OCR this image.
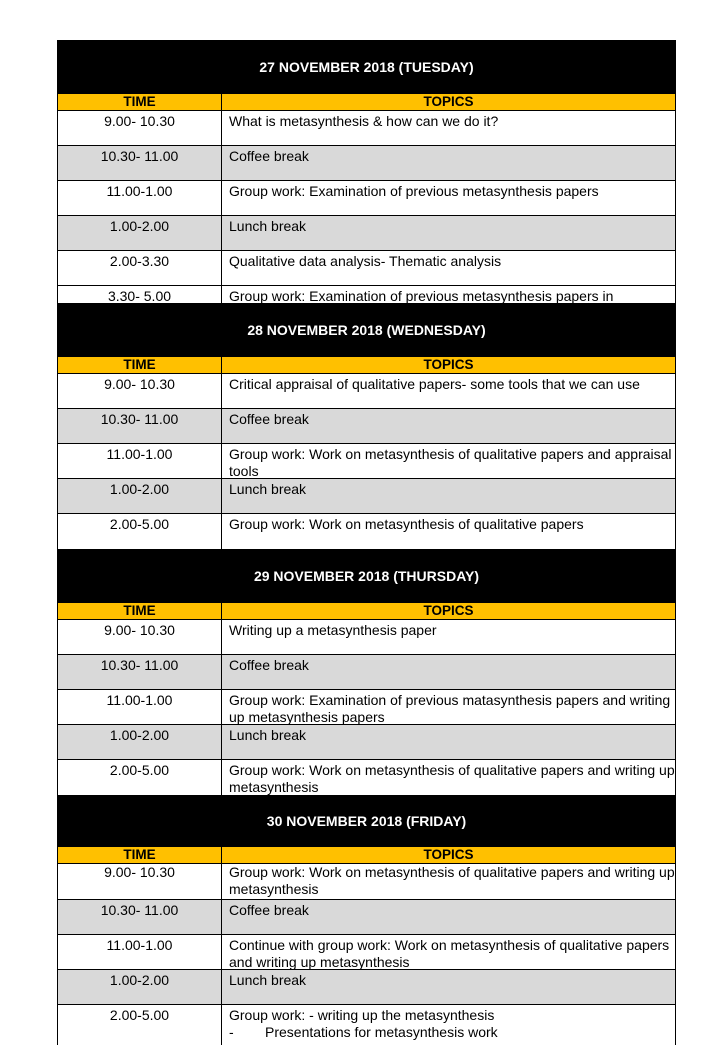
27 NOVEMBER 2018 (TUESDAY)
TIME	TOPICS
9.00- 10.30	What is metasynthesis & how can we do it?
10.30- 11.00	Coffee break
11.00-1.00	Group work: Examination of previous metasynthesis papers
1.00-2.00	Lunch break
2.00-3.30	Qualitative data analysis- Thematic analysis
3.30- 5.00	Group work: Examination of previous metasynthesis papers in
28 NOVEMBER 2018 (WEDNESDAY)
TIME	TOPICS
9.00- 10.30	Critical appraisal of qualitative papers- some tools that we can use
10.30- 11.00	Coffee break
11.00-1.00	Group work: Work on metasynthesis of qualitative papers and appraisal tools
1.00-2.00	Lunch break
2.00-5.00	Group work: Work on metasynthesis of qualitative papers
29 NOVEMBER 2018 (THURSDAY)
TIME	TOPICS
9.00- 10.30	Writing up a metasynthesis paper
10.30- 11.00	Coffee break
11.00-1.00	Group work: Examination of previous matasynthesis papers and writing up metasynthesis papers
1.00-2.00	Lunch break
2.00-5.00	Group work: Work on metasynthesis of qualitative papers and writing up metasynthesis
30 NOVEMBER 2018 (FRIDAY)
TIME	TOPICS
9.00- 10.30	Group work: Work on metasynthesis of qualitative papers and writing up metasynthesis
10.30- 11.00	Coffee break
11.00-1.00	Continue with group work: Work on metasynthesis of qualitative papers and writing up metasynthesis
1.00-2.00	Lunch break
2.00-5.00	Group work: - writing up the metasynthesis
- Presentations for metasynthesis work
